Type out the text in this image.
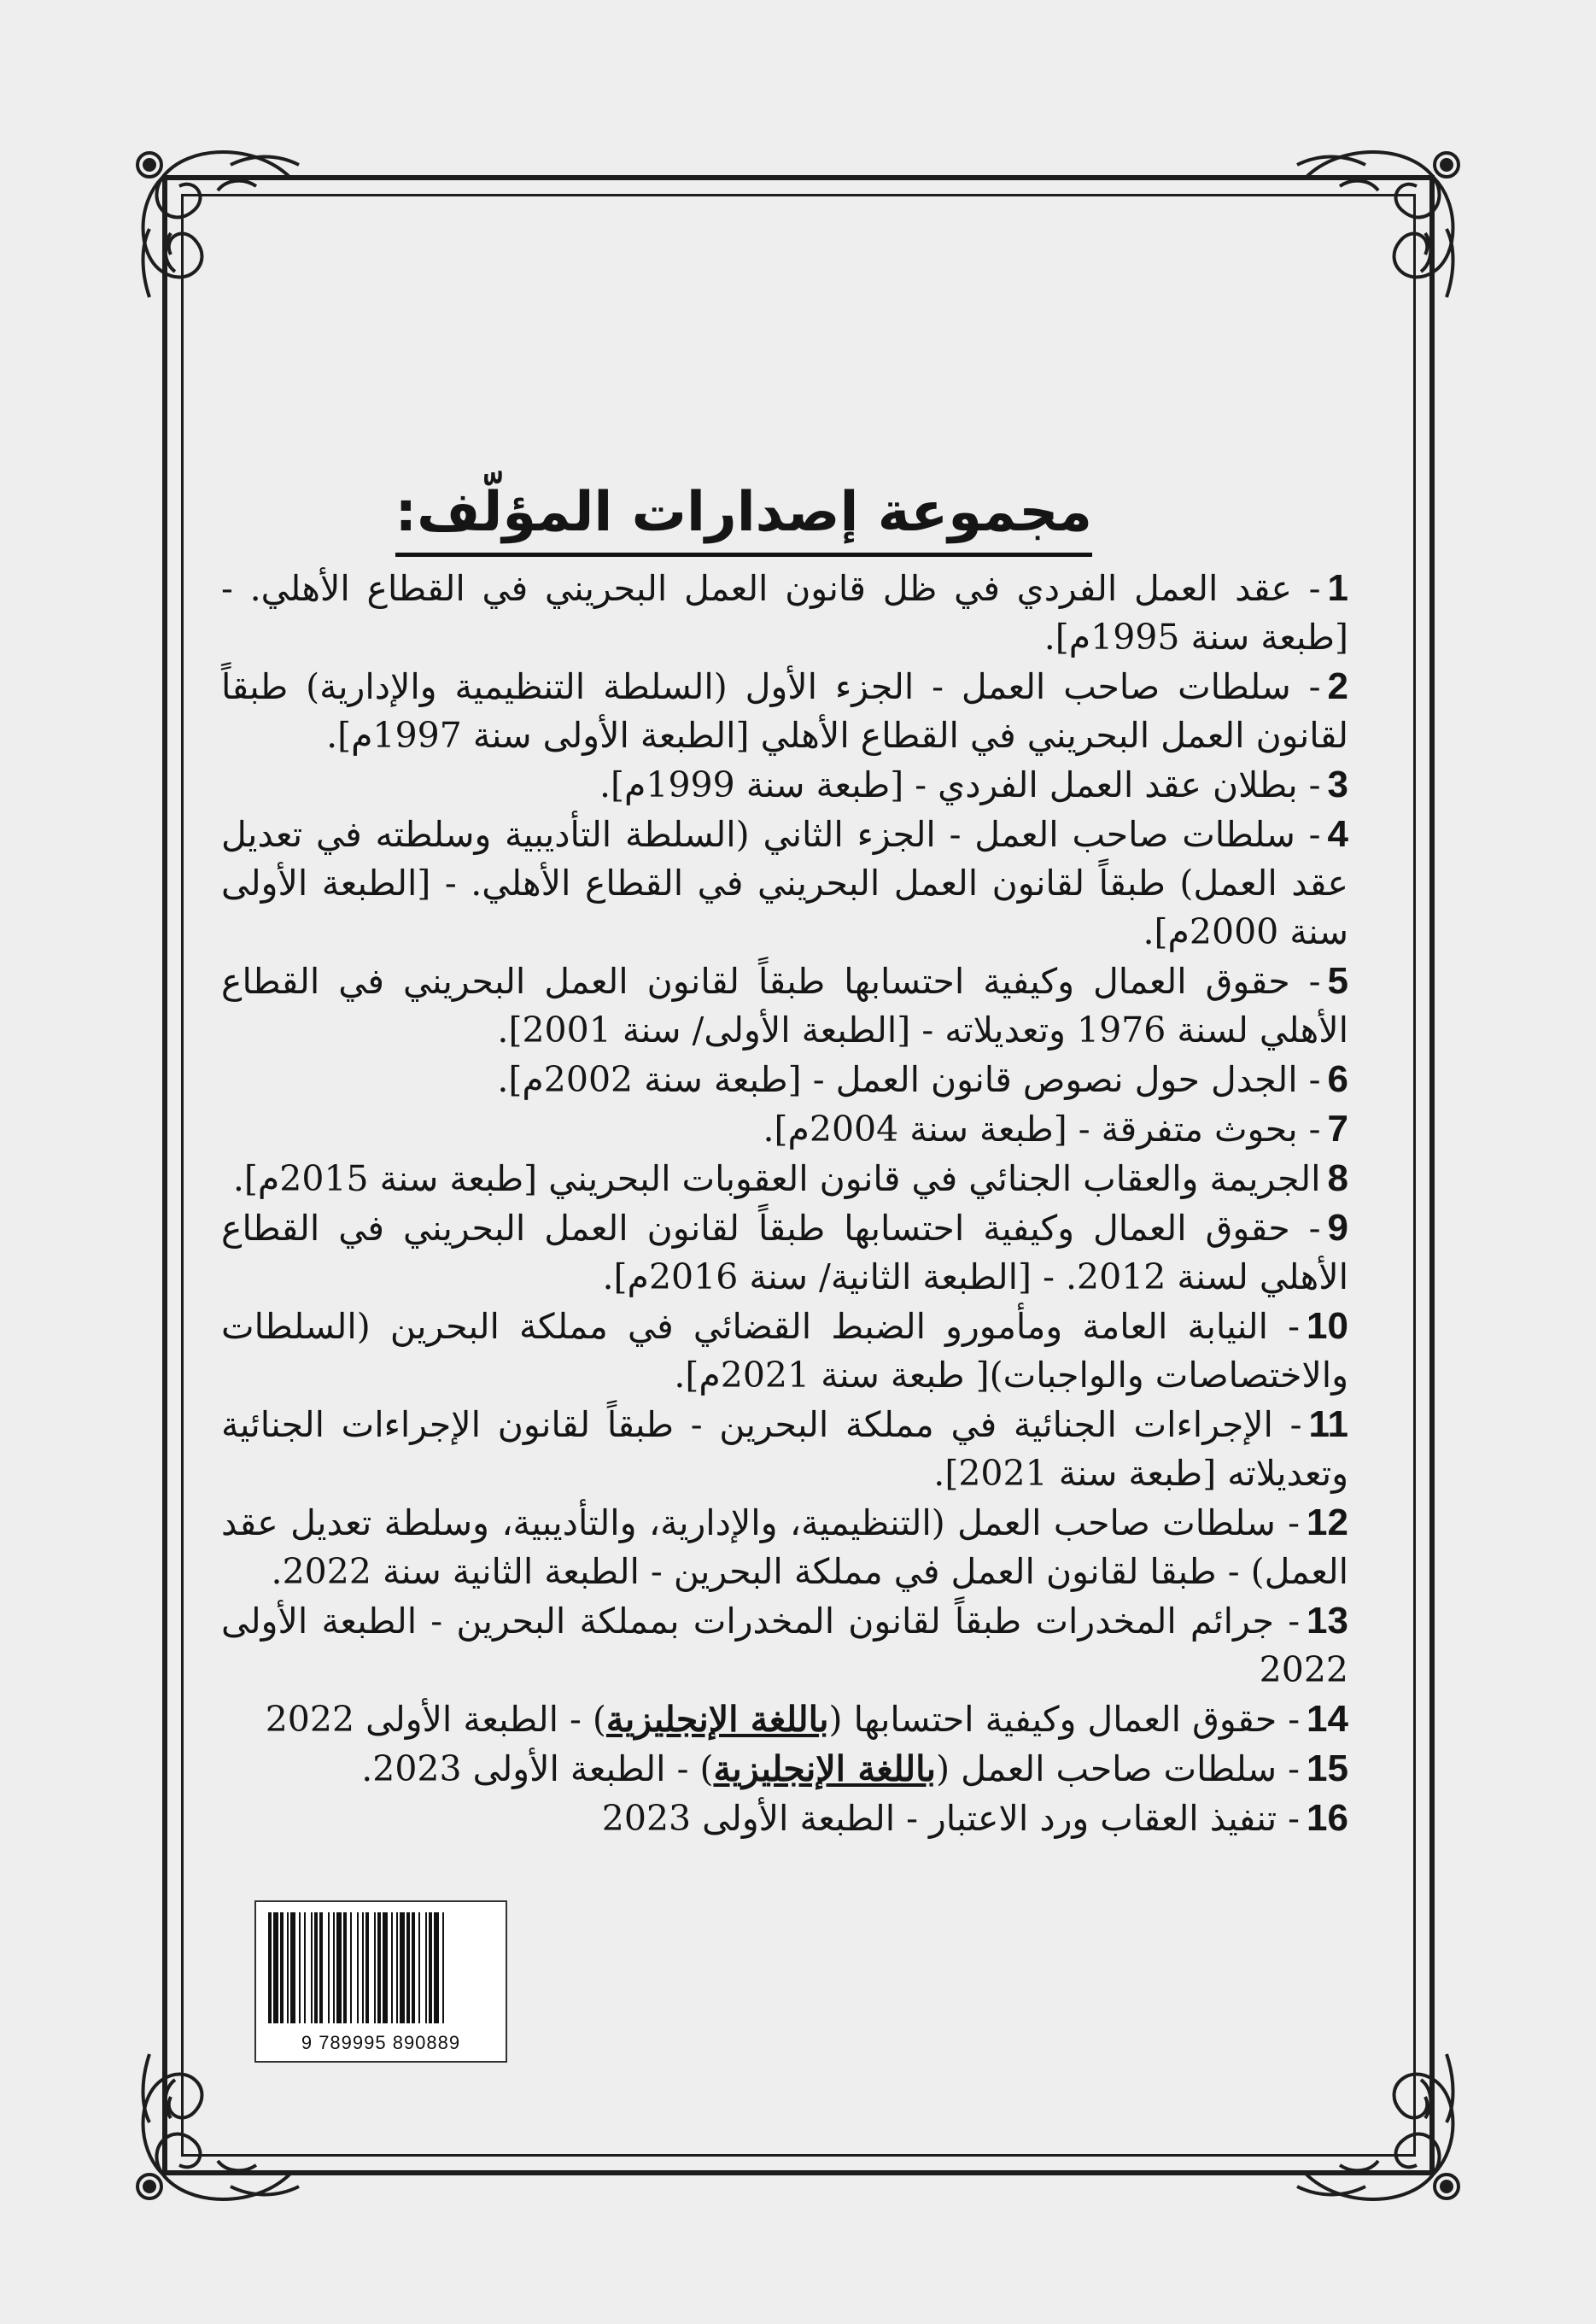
مجموعة إصدارات المؤلّف:
1- عقد العمل الفردي في ظل قانون العمل البحريني في القطاع الأهلي. - [طبعة سنة 1995م].
2- سلطات صاحب العمل - الجزء الأول (السلطة التنظيمية والإدارية) طبقاً لقانون العمل البحريني في القطاع الأهلي [الطبعة الأولى سنة 1997م].
3- بطلان عقد العمل الفردي - [طبعة سنة 1999م].
4- سلطات صاحب العمل - الجزء الثاني (السلطة التأديبية وسلطته في تعديل عقد العمل) طبقاً لقانون العمل البحريني في القطاع الأهلي. - [الطبعة الأولى سنة 2000م].
5- حقوق العمال وكيفية احتسابها طبقاً لقانون العمل البحريني في القطاع الأهلي لسنة 1976 وتعديلاته - [الطبعة الأولى/ سنة 2001].
6- الجدل حول نصوص قانون العمل - [طبعة سنة 2002م].
7- بحوث متفرقة - [طبعة سنة 2004م].
8الجريمة والعقاب الجنائي في قانون العقوبات البحريني [طبعة سنة 2015م].
9- حقوق العمال وكيفية احتسابها طبقاً لقانون العمل البحريني في القطاع الأهلي لسنة 2012. - [الطبعة الثانية/ سنة 2016م].
10- النيابة العامة ومأمورو الضبط القضائي في مملكة البحرين (السلطات والاختصاصات والواجبات)[ طبعة سنة 2021م].
11- الإجراءات الجنائية في مملكة البحرين - طبقاً لقانون الإجراءات الجنائية وتعديلاته [طبعة سنة 2021].
12- سلطات صاحب العمل (التنظيمية، والإدارية، والتأديبية، وسلطة تعديل عقد العمل) - طبقا لقانون العمل في مملكة البحرين - الطبعة الثانية سنة 2022.
13- جرائم المخدرات طبقاً لقانون المخدرات بمملكة البحرين - الطبعة الأولى 2022
14- حقوق العمال وكيفية احتسابها (باللغة الإنجليزية) - الطبعة الأولى 2022
15- سلطات صاحب العمل (باللغة الإنجليزية) - الطبعة الأولى 2023.
16- تنفيذ العقاب ورد الاعتبار - الطبعة الأولى 2023
9 789995 890889
